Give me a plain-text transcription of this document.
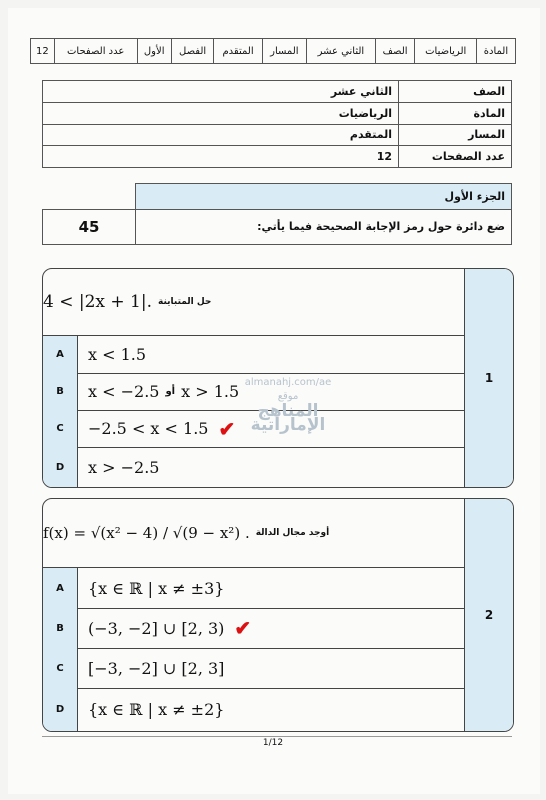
المادة	الرياضيات	الصف	الثاني عشر	المسار	المتقدم	الفصل	الأول	عدد الصفحات	12
الصف	الثاني عشر
المادة	الرياضيات
المسار	المتقدم
عدد الصفحات	12
	الجزء الأول
45	ضع دائرة حول رمز الإجابة الصحيحة فيما يأتي:
حل المتباينة
4 < |2x + 1|.
A	x < 1.5
B	x < −2.5 أو x > 1.5
C	−2.5 < x < 1.5 ✔
D	x > −2.5
1
أوجد مجال الدالة
f(x) = √(x² − 4) / √(9 − x²) .
A	{x ∈ ℝ | x ≠ ±3}
B	(−3, −2] ∪ [2, 3) ✔
C	[−3, −2] ∪ [2, 3]
D	{x ∈ ℝ | x ≠ ±2}
2
almanahj.com/ae
موقع
المناهج الإماراتية
1/12
